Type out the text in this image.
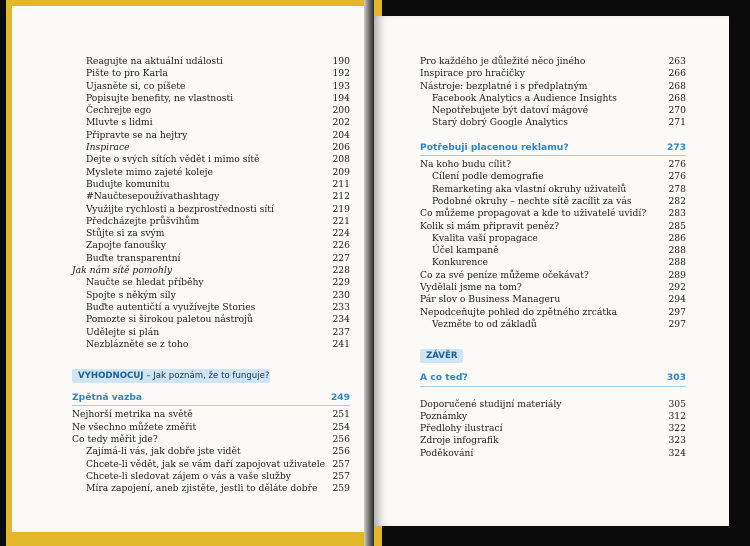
Reagujte na aktuální události	190
Pište to pro Karla	192
Ujasněte si, co píšete	193
Popisujte benefity, ne vlastnosti	194
Čechrejte ego	200
Mluvte s lidmi	202
Připravte se na hejtry	204
Inspirace	206
Dejte o svých sítích vědět i mimo sítě	208
Myslete mimo zajeté koleje	209
Budujte komunitu	211
#Naučtesepoužívathashtagy	212
Využijte rychlosti a bezprostřednosti sítí	219
Předcházejte průšvihům	221
Stůjte si za svým	224
Zapojte fanoušky	226
Buďte transparentní	227
Jak nám sítě pomohly	228
Naučte se hledat příběhy	229
Spojte s někým síly	230
Buďte autentičtí a využívejte Stories	233
Pomozte si širokou paletou nástrojů	234
Udělejte si plán	237
Nezblázněte se z toho	241
VYHODNOCUJ – Jak poznám, že to funguje?
Zpětná vazba	249
Nejhorší metrika na světě	251
Ne všechno můžete změřit	254
Co tedy měřit jde?	256
Zajímá-li vás, jak dobře jste vidět	256
Chcete-li vědět, jak se vám daří zapojovat uživatele 257
Chcete-li sledovat zájem o vás a vaše služby	257
Míra zapojení, aneb zjistěte, jestli to děláte dobře 259
Pro každého je důležité něco jiného	263
Inspirace pro hračičky	266
Nástroje: bezplatné i s předplatným	268
Facebook Analytics a Audience Insights	268
Nepotřebujete být datoví mágové	270
Starý dobrý Google Analytics	271
Potřebuji placenou reklamu?	273
Na koho budu cílit?	276
Cílení podle demografie	276
Remarketing aka vlastní okruhy uživatelů	278
Podobné okruhy – nechte sítě zacílit za vás	282
Co můžeme propagovat a kde to uživatelé uvidí? 283
Kolik si mám připravit peněz?	285
Kvalita vaší propagace	286
Účel kampaně	288
Konkurence	288
Co za své peníze můžeme očekávat?	289
Vydělali jsme na tom?	292
Pár slov o Business Manageru	294
Nepodceňujte pohled do zpětného zrcátka	297
Vezměte to od základů	297
ZÁVĚR
A co teď?	303
Doporučené studijní materiály	305
Poznámky	312
Předlohy ilustrací	322
Zdroje infografik	323
Poděkování	324
